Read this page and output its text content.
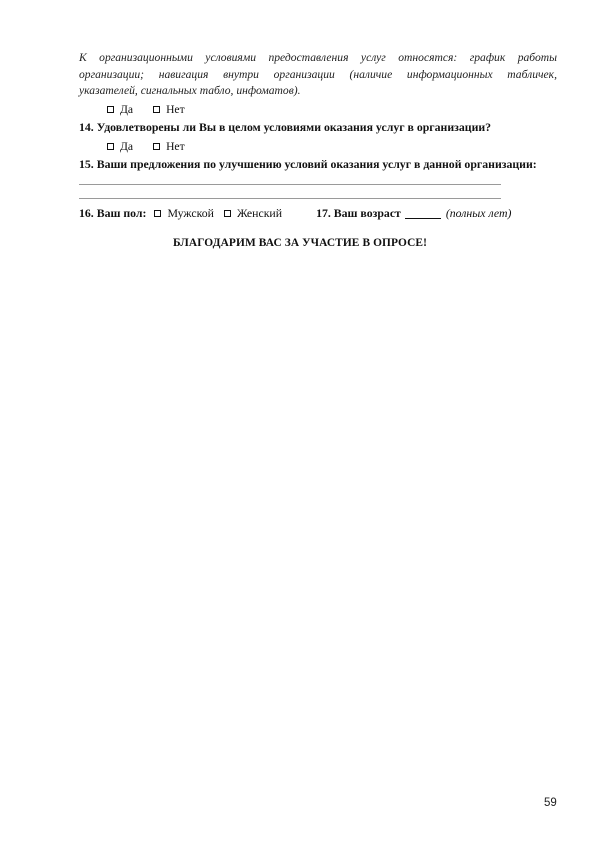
К организационными условиями предоставления услуг относятся: график работы
организации; навигация внутри организации (наличие информационных табличек,
указателей, сигнальных табло, инфоматов).
Да	Нет
14. Удовлетворены ли Вы в целом условиями оказания услуг в организации?
Да	Нет
15. Ваши предложения по улучшению условий оказания услуг в данной организации:
16. Ваш пол: Мужской Женский	17. Ваш возраст	(полных лет)
БЛАГОДАРИМ ВАС ЗА УЧАСТИЕ В ОПРОСЕ!
59
